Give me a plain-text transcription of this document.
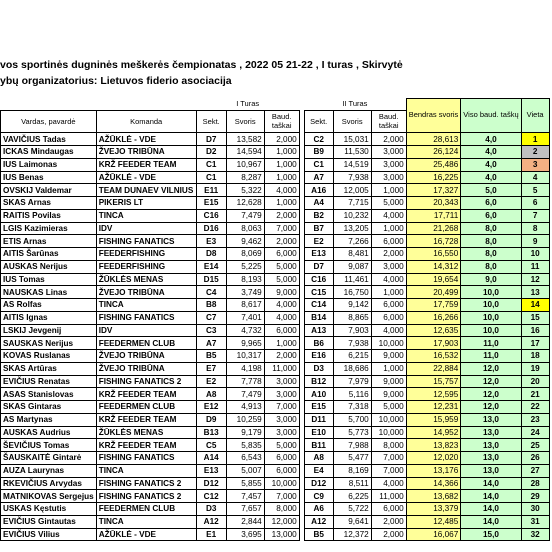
vos sportinės dugninės meškerės čempionatas , 2022 05 21-22 , I turas , Skirvytė
ybų organizatorius: Lietuvos fiderio asociacija
		I Turas				II Turas			Bendras svoris	Viso baud. taškų	Vieta
Vardas, pavardė	Komanda	Sekt.	Svoris	Baud. taškai		Sekt.	Svoris	Baud. taškai			
VAVIČIUS Tadas	AŽŪKLĖ - VDE	D7	13,582	2,000		C2	15,031	2,000	28,613	4,0	1
ICKAS Mindaugas	ŽVEJO TRIBŪNA	D2	14,594	1,000		B9	11,530	3,000	26,124	4,0	2
IUS Laimonas	KRŽ FEEDER TEAM	C1	10,967	1,000		C1	14,519	3,000	25,486	4,0	3
IUS Benas	AŽŪKLĖ - VDE	C1	8,287	1,000		A7	7,938	3,000	16,225	4,0	4
OVSKIJ Valdemar	TEAM DUNAEV VILNIUS	E11	5,322	4,000		A16	12,005	1,000	17,327	5,0	5
SKAS Arnas	PIKERIS LT	E15	12,628	1,000		A4	7,715	5,000	20,343	6,0	6
RAITIS Povilas	TINCA	C16	7,479	2,000		B2	10,232	4,000	17,711	6,0	7
LGIS Kazimieras	IDV	D16	8,063	7,000		B7	13,205	1,000	21,268	8,0	8
ETIS Arnas	FISHING FANATICS	E3	9,462	2,000		E2	7,266	6,000	16,728	8,0	9
AITIS Šarūnas	FEEDERFISHING	D8	8,069	6,000		E13	8,481	2,000	16,550	8,0	10
AUSKAS Nerijus	FEEDERFISHING	E14	5,225	5,000		D7	9,087	3,000	14,312	8,0	11
IUS Tomas	ŽŪKLĖS MENAS	D15	8,193	5,000		C16	11,461	4,000	19,654	9,0	12
NAUSKAS Linas	ŽVEJO TRIBŪNA	C4	3,749	9,000		C15	16,750	1,000	20,499	10,0	13
AS Rolfas	TINCA	B8	8,617	4,000		C14	9,142	6,000	17,759	10,0	14
AITIS Ignas	FISHING FANATICS	C7	7,401	4,000		B14	8,865	6,000	16,266	10,0	15
LSKIJ Jevgenij	IDV	C3	4,732	6,000		A13	7,903	4,000	12,635	10,0	16
SAUSKAS Nerijus	FEEDERMEN CLUB	A7	9,965	1,000		B6	7,938	10,000	17,903	11,0	17
KOVAS Ruslanas	ŽVEJO TRIBŪNA	B5	10,317	2,000		E16	6,215	9,000	16,532	11,0	18
SKAS Artūras	ŽVEJO TRIBŪNA	E7	4,198	11,000		D3	18,686	1,000	22,884	12,0	19
EVIČIUS Renatas	FISHING FANATICS 2	E2	7,778	3,000		B12	7,979	9,000	15,757	12,0	20
ASAS Stanislovas	KRŽ FEEDER TEAM	A8	7,479	3,000		A10	5,116	9,000	12,595	12,0	21
SKAS Gintaras	FEEDERMEN CLUB	E12	4,913	7,000		E15	7,318	5,000	12,231	12,0	22
AS Martynas	KRŽ FEEDER TEAM	D9	10,259	3,000		D11	5,700	10,000	15,959	13,0	23
AUSKAS Audrius	ŽŪKLĖS MENAS	B13	9,179	3,000		E10	5,773	10,000	14,952	13,0	24
ŠEVIČIUS Tomas	KRŽ FEEDER TEAM	C5	5,835	5,000		B11	7,988	8,000	13,823	13,0	25
ŠAUSKAITĖ Gintarė	FISHING FANATICS	A14	6,543	6,000		A8	5,477	7,000	12,020	13,0	26
AUZA Laurynas	TINCA	E13	5,007	6,000		E4	8,169	7,000	13,176	13,0	27
RKEVIČIUS Arvydas	FISHING FANATICS 2	D12	5,855	10,000		D12	8,511	4,000	14,366	14,0	28
MATNIKOVAS Sergejus	FISHING FANATICS 2	C12	7,457	7,000		C9	6,225	11,000	13,682	14,0	29
USKAS Kęstutis	FEEDERMEN CLUB	D3	7,657	8,000		A6	5,722	6,000	13,379	14,0	30
EVIČIUS Gintautas	TINCA	A12	2,844	12,000		A12	9,641	2,000	12,485	14,0	31
EVIČIUS Vilius	AŽŪKLĖ - VDE	E1	3,695	13,000		B5	12,372	2,000	16,067	15,0	32
